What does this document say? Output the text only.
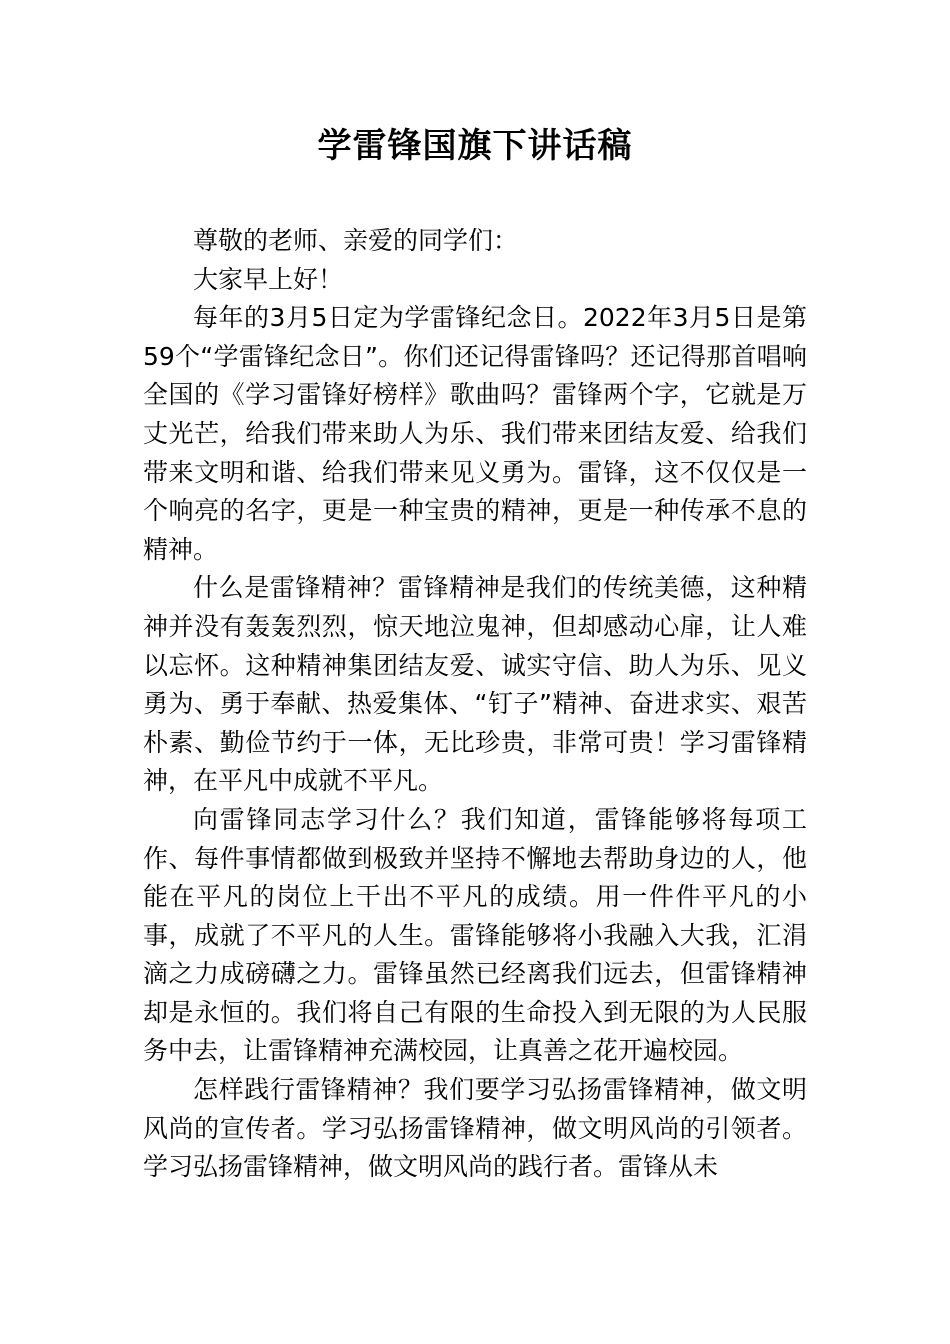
学雷锋国旗下讲话稿

尊敬的老师、亲爱的同学们：

大家早上好！

每年的3月5日定为学雷锋纪念日。2022年3月5日是第59个“学雷锋纪念日”。你们还记得雷锋吗？还记得那首唱响全国的《学习雷锋好榜样》歌曲吗？雷锋两个字，它就是万丈光芒，给我们带来助人为乐、我们带来团结友爱、给我们带来文明和谐、给我们带来见义勇为。雷锋，这不仅仅是一个响亮的名字，更是一种宝贵的精神，更是一种传承不息的精神。

什么是雷锋精神？雷锋精神是我们的传统美德，这种精神并没有轰轰烈烈，惊天地泣鬼神，但却感动心扉，让人难以忘怀。这种精神集团结友爱、诚实守信、助人为乐、见义勇为、勇于奉献、热爱集体、“钉子”精神、奋进求实、艰苦朴素、勤俭节约于一体，无比珍贵，非常可贵！学习雷锋精神，在平凡中成就不平凡。

向雷锋同志学习什么？我们知道，雷锋能够将每项工作、每件事情都做到极致并坚持不懈地去帮助身边的人，他能在平凡的岗位上干出不平凡的成绩。用一件件平凡的小事，成就了不平凡的人生。雷锋能够将小我融入大我，汇涓滴之力成磅礴之力。雷锋虽然已经离我们远去，但雷锋精神却是永恒的。我们将自己有限的生命投入到无限的为人民服务中去，让雷锋精神充满校园，让真善之花开遍校园。

怎样践行雷锋精神？我们要学习弘扬雷锋精神，做文明风尚的宣传者。学习弘扬雷锋精神，做文明风尚的引领者。学习弘扬雷锋精神，做文明风尚的践行者。雷锋从未
